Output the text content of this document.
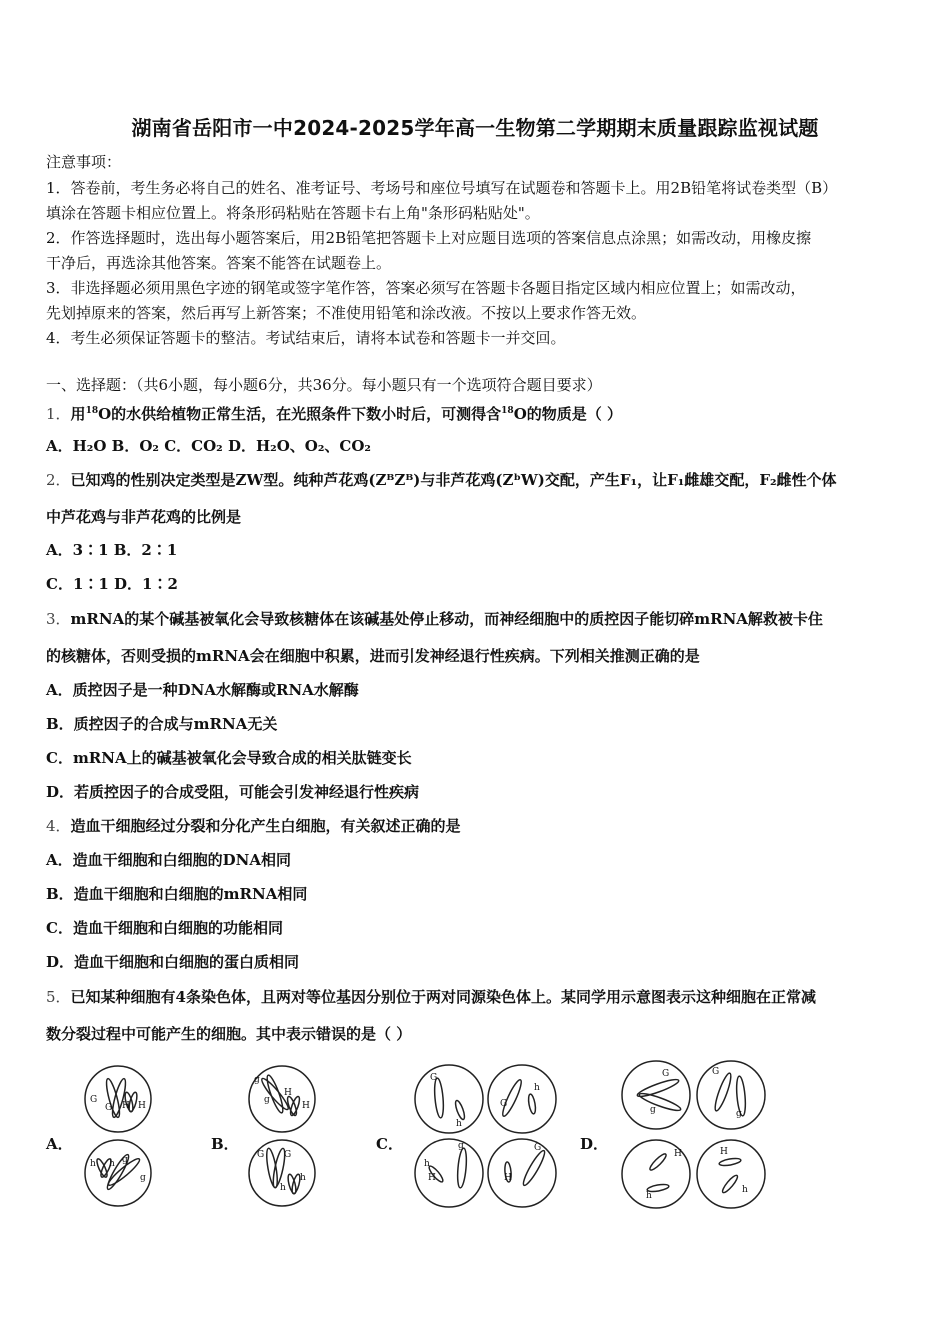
湖南省岳阳市一中2024-2025学年高一生物第二学期期末质量跟踪监视试题
注意事项：
1．答卷前，考生务必将自己的姓名、准考证号、考场号和座位号填写在试题卷和答题卡上。用2B铅笔将试卷类型（B）
填涂在答题卡相应位置上。将条形码粘贴在答题卡右上角"条形码粘贴处"。
2．作答选择题时，选出每小题答案后，用2B铅笔把答题卡上对应题目选项的答案信息点涂黑；如需改动，用橡皮擦
干净后，再选涂其他答案。答案不能答在试题卷上。
3．非选择题必须用黑色字迹的钢笔或签字笔作答，答案必须写在答题卡各题目指定区域内相应位置上；如需改动，
先划掉原来的答案，然后再写上新答案；不准使用铅笔和涂改液。不按以上要求作答无效。
4．考生必须保证答题卡的整洁。考试结束后，请将本试卷和答题卡一并交回。
一、选择题：（共6小题，每小题6分，共36分。每小题只有一个选项符合题目要求）
1．用$^{18}$O的水供给植物正常生活，在光照条件下数小时后，可测得含$^{18}$O的物质是（ ）
A．H₂O B．O₂ C．CO₂ D．H₂O、O₂、CO₂
2．已知鸡的性别决定类型是ZW型。纯种芦花鸡(ZᴮZᴮ)与非芦花鸡(ZᵇW)交配，产生F₁，让F₁雌雄交配，F₂雌性个体
中芦花鸡与非芦花鸡的比例是
A．3∶1 B．2∶1
C．1∶1 D．1∶2
3．mRNA的某个碱基被氧化会导致核糖体在该碱基处停止移动，而神经细胞中的质控因子能切碎mRNA解救被卡住
的核糖体，否则受损的mRNA会在细胞中积累，进而引发神经退行性疾病。下列相关推测正确的是
A．质控因子是一种DNA水解酶或RNA水解酶
B．质控因子的合成与mRNA无关
C．mRNA上的碱基被氧化会导致合成的相关肽链变长
D．若质控因子的合成受阻，可能会引发神经退行性疾病
4．造血干细胞经过分裂和分化产生白细胞，有关叙述正确的是
A．造血干细胞和白细胞的DNA相同
B．造血干细胞和白细胞的mRNA相同
C．造血干细胞和白细胞的功能相同
D．造血干细胞和白细胞的蛋白质相同
5．已知某种细胞有4条染色体，且两对等位基因分别位于两对同源染色体上。某同学用示意图表示这种细胞在正常减
数分裂过程中可能产生的细胞。其中表示错误的是（ ）
A．	B．	C．	D．
G
G H H
h h g
g
g
g
H
H
G G
h
h
G
h
G
h
h
H
g
H
G
G
g
G
g
H
h
H
h
